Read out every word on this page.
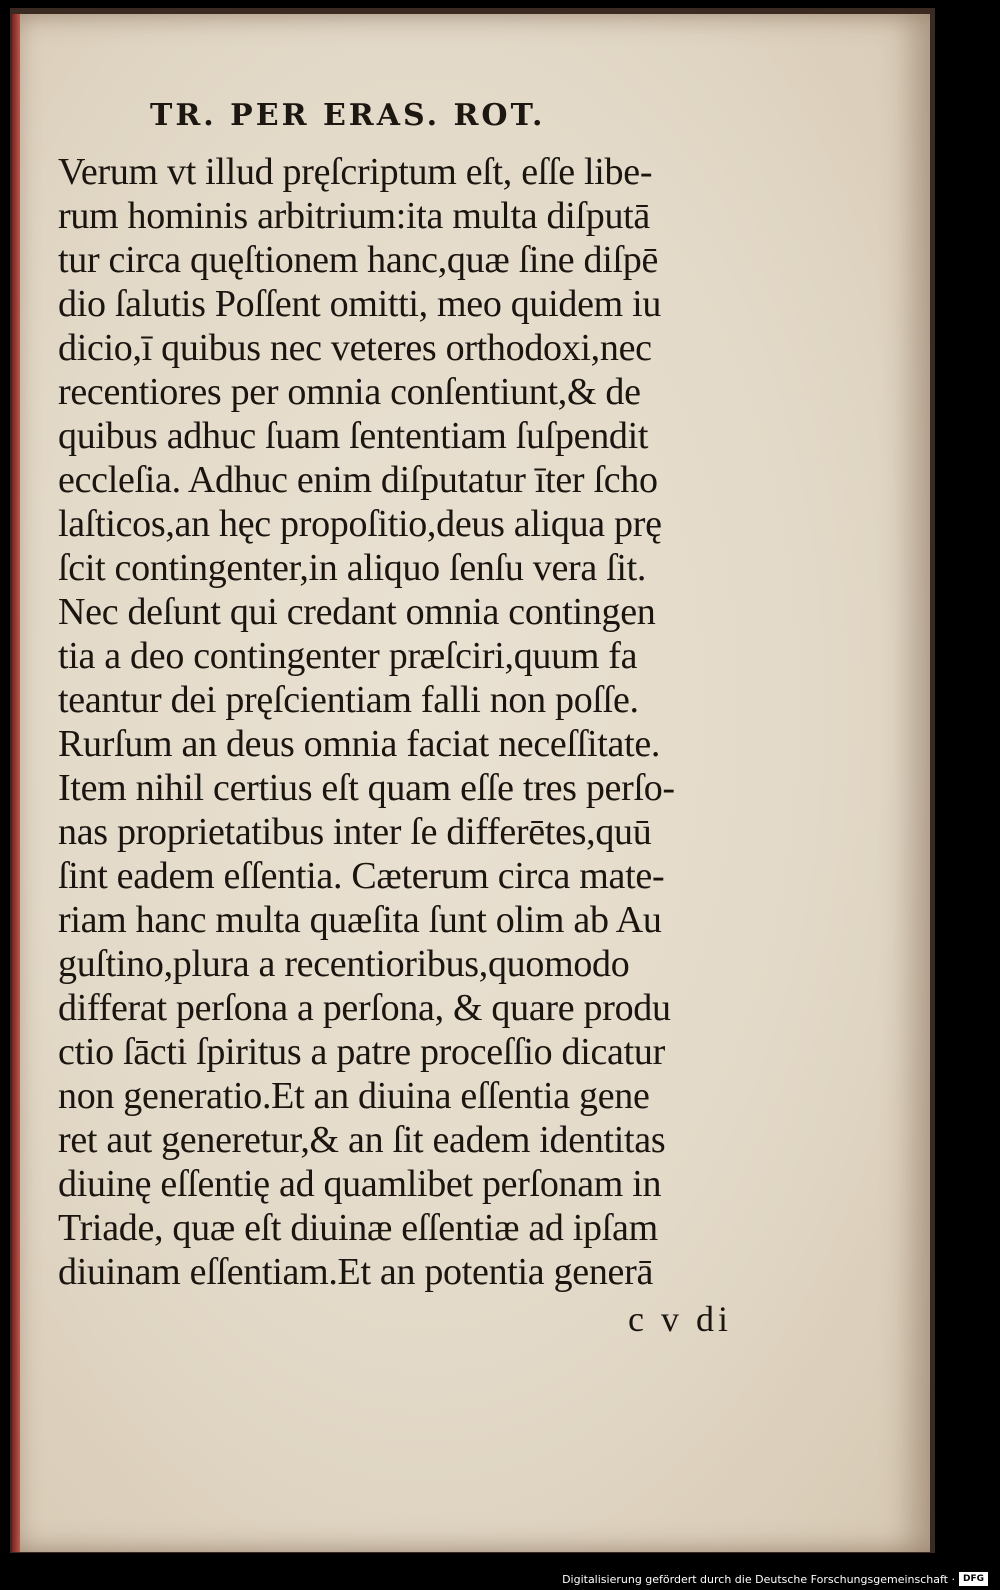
TR. PER ERAS. ROT.
Verum vt illud pręſcriptum eſt, eſſe libe-
rum hominis arbitrium:ita multa diſputā
tur circa quęſtionem hanc,quæ ſine diſpē
dio ſalutis Poſſent omitti, meo quidem iu
dicio,ī quibus nec veteres orthodoxi,nec
recentiores per omnia conſentiunt,& de
quibus adhuc ſuam ſententiam ſuſpendit
eccleſia. Adhuc enim diſputatur īter ſcho
laſticos,an hęc propoſitio,deus aliqua prę
ſcit contingenter,in aliquo ſenſu vera ſit.
Nec deſunt qui credant omnia contingen
tia a deo contingenter præſciri,quum fa
teantur dei pręſcientiam falli non poſſe.
Rurſum an deus omnia faciat neceſſitate.
Item nihil certius eſt quam eſſe tres perſo-
nas proprietatibus inter ſe differētes,quū
ſint eadem eſſentia. Cæterum circa mate-
riam hanc multa quæſita ſunt olim ab Au
guſtino,plura a recentioribus,quomodo
differat perſona a perſona, & quare produ
ctio ſācti ſpiritus a patre proceſſio dicatur
non generatio.Et an diuina eſſentia gene
ret aut generetur,& an ſit eadem identitas
diuinę eſſentię ad quamlibet perſonam in
Triade, quæ eſt diuinæ eſſentiæ ad ipſam
diuinam eſſentiam.Et an potentia generā
c v di
Digitalisierung gefördert durch die Deutsche Forschungsgemeinschaft · DFG
